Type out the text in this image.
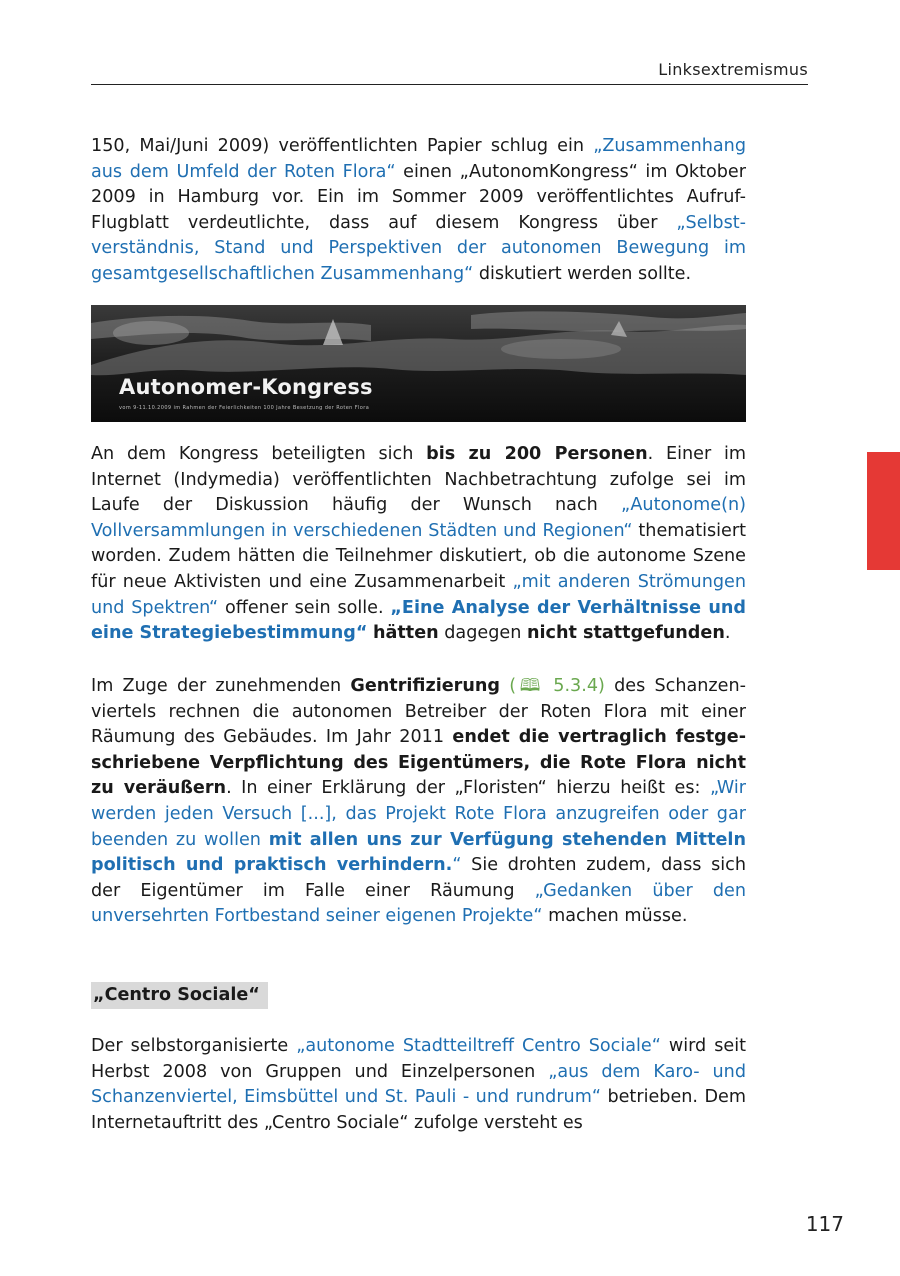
Linksextremismus
150, Mai/Juni 2009) veröffentlichten Papier schlug ein „Zusammenhang aus dem Umfeld der Roten Flora“ einen „AutonomKongress“ im Oktober 2009 in Hamburg vor. Ein im Sommer 2009 veröffentlichtes Aufruf-Flugblatt verdeutlichte, dass auf diesem Kongress über „Selbstverständnis, Stand und Perspektiven der autonomen Bewegung im gesamtgesellschaftlichen Zusammenhang“ diskutiert werden sollte.
Autonomer-Kongress
vom 9-11.10.2009 im Rahmen der Feierlichkeiten 100 Jahre Besetzung der Roten Flora
An dem Kongress beteiligten sich bis zu 200 Personen. Einer im Internet (Indymedia) veröffentlichten Nachbetrachtung zufolge sei im Laufe der Diskussion häufig der Wunsch nach „Autonome(n) Vollversammlungen in verschiedenen Städten und Regionen“ thematisiert worden. Zudem hätten die Teilnehmer diskutiert, ob die autonome Szene für neue Aktivisten und eine Zusammenarbeit „mit anderen Strömungen und Spektren“ offener sein solle. „Eine Analyse der Verhältnisse und eine Strategiebestimmung“ hätten dagegen nicht stattgefunden.
Im Zuge der zunehmenden Gentrifizierung (🕮 5.3.4) des Schanzenviertels rechnen die autonomen Betreiber der Roten Flora mit einer Räumung des Gebäudes. Im Jahr 2011 endet die vertraglich festgeschriebene Verpflichtung des Eigentümers, die Rote Flora nicht zu veräußern. In einer Erklärung der „Floristen“ hierzu heißt es: „Wir werden jeden Versuch [...], das Projekt Rote Flora anzugreifen oder gar beenden zu wollen mit allen uns zur Verfügung stehenden Mitteln politisch und praktisch verhindern.“ Sie drohten zudem, dass sich der Eigentümer im Falle einer Räumung „Gedanken über den unversehrten Fortbestand seiner eigenen Projekte“ machen müsse.
„Centro Sociale“
Der selbstorganisierte „autonome Stadtteiltreff Centro Sociale“ wird seit Herbst 2008 von Gruppen und Einzelpersonen „aus dem Karo- und Schanzenviertel, Eimsbüttel und St. Pauli - und rundrum“ betrieben. Dem Internetauftritt des „Centro Sociale“ zufolge versteht es
117
